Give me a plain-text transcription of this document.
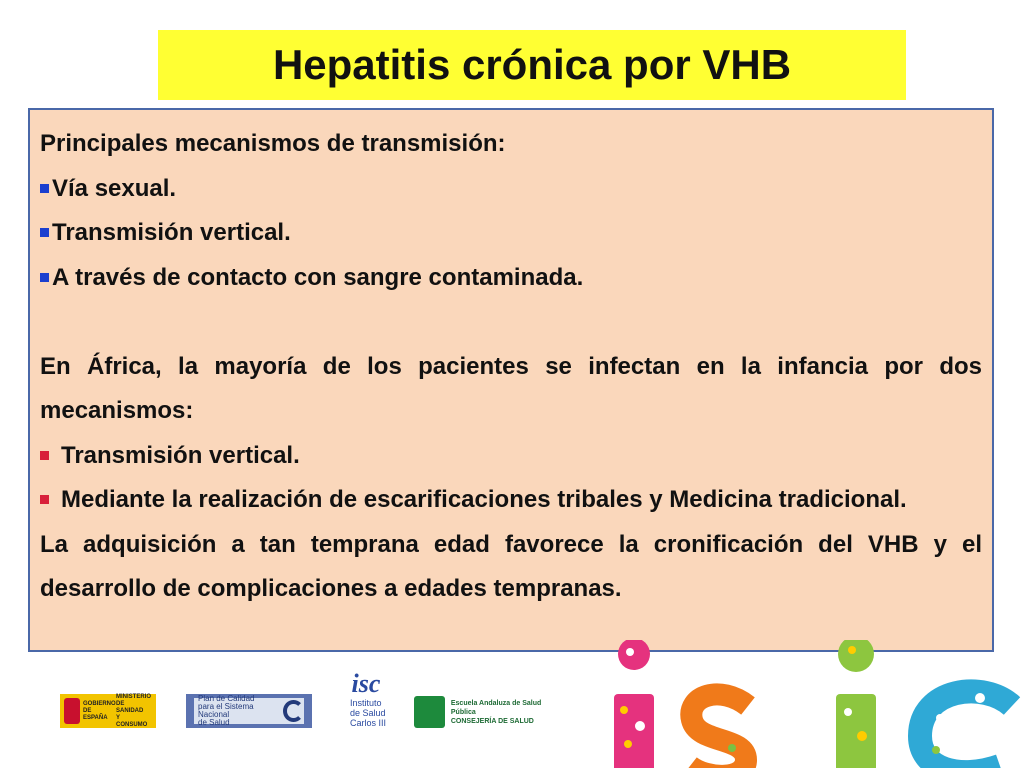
Hepatitis crónica por VHB

Principales mecanismos de transmisión:

Vía sexual.

Transmisión vertical.

A través de contacto con sangre contaminada.

En África, la mayoría de los pacientes se infectan en la infancia por dos mecanismos:

Transmisión vertical.

Mediante la realización de escarificaciones tribales y Medicina tradicional.

La adquisición a tan temprana edad favorece la cronificación del VHB y el desarrollo de complicaciones a edades tempranas.

GOBIERNO DE ESPAÑA
MINISTERIO DE SANIDAD Y CONSUMO
Plan de Calidad
para el Sistema Nacional
de Salud
isc
Instituto
de Salud
Carlos III
Escuela Andaluza de Salud Pública
CONSEJERÍA DE SALUD
